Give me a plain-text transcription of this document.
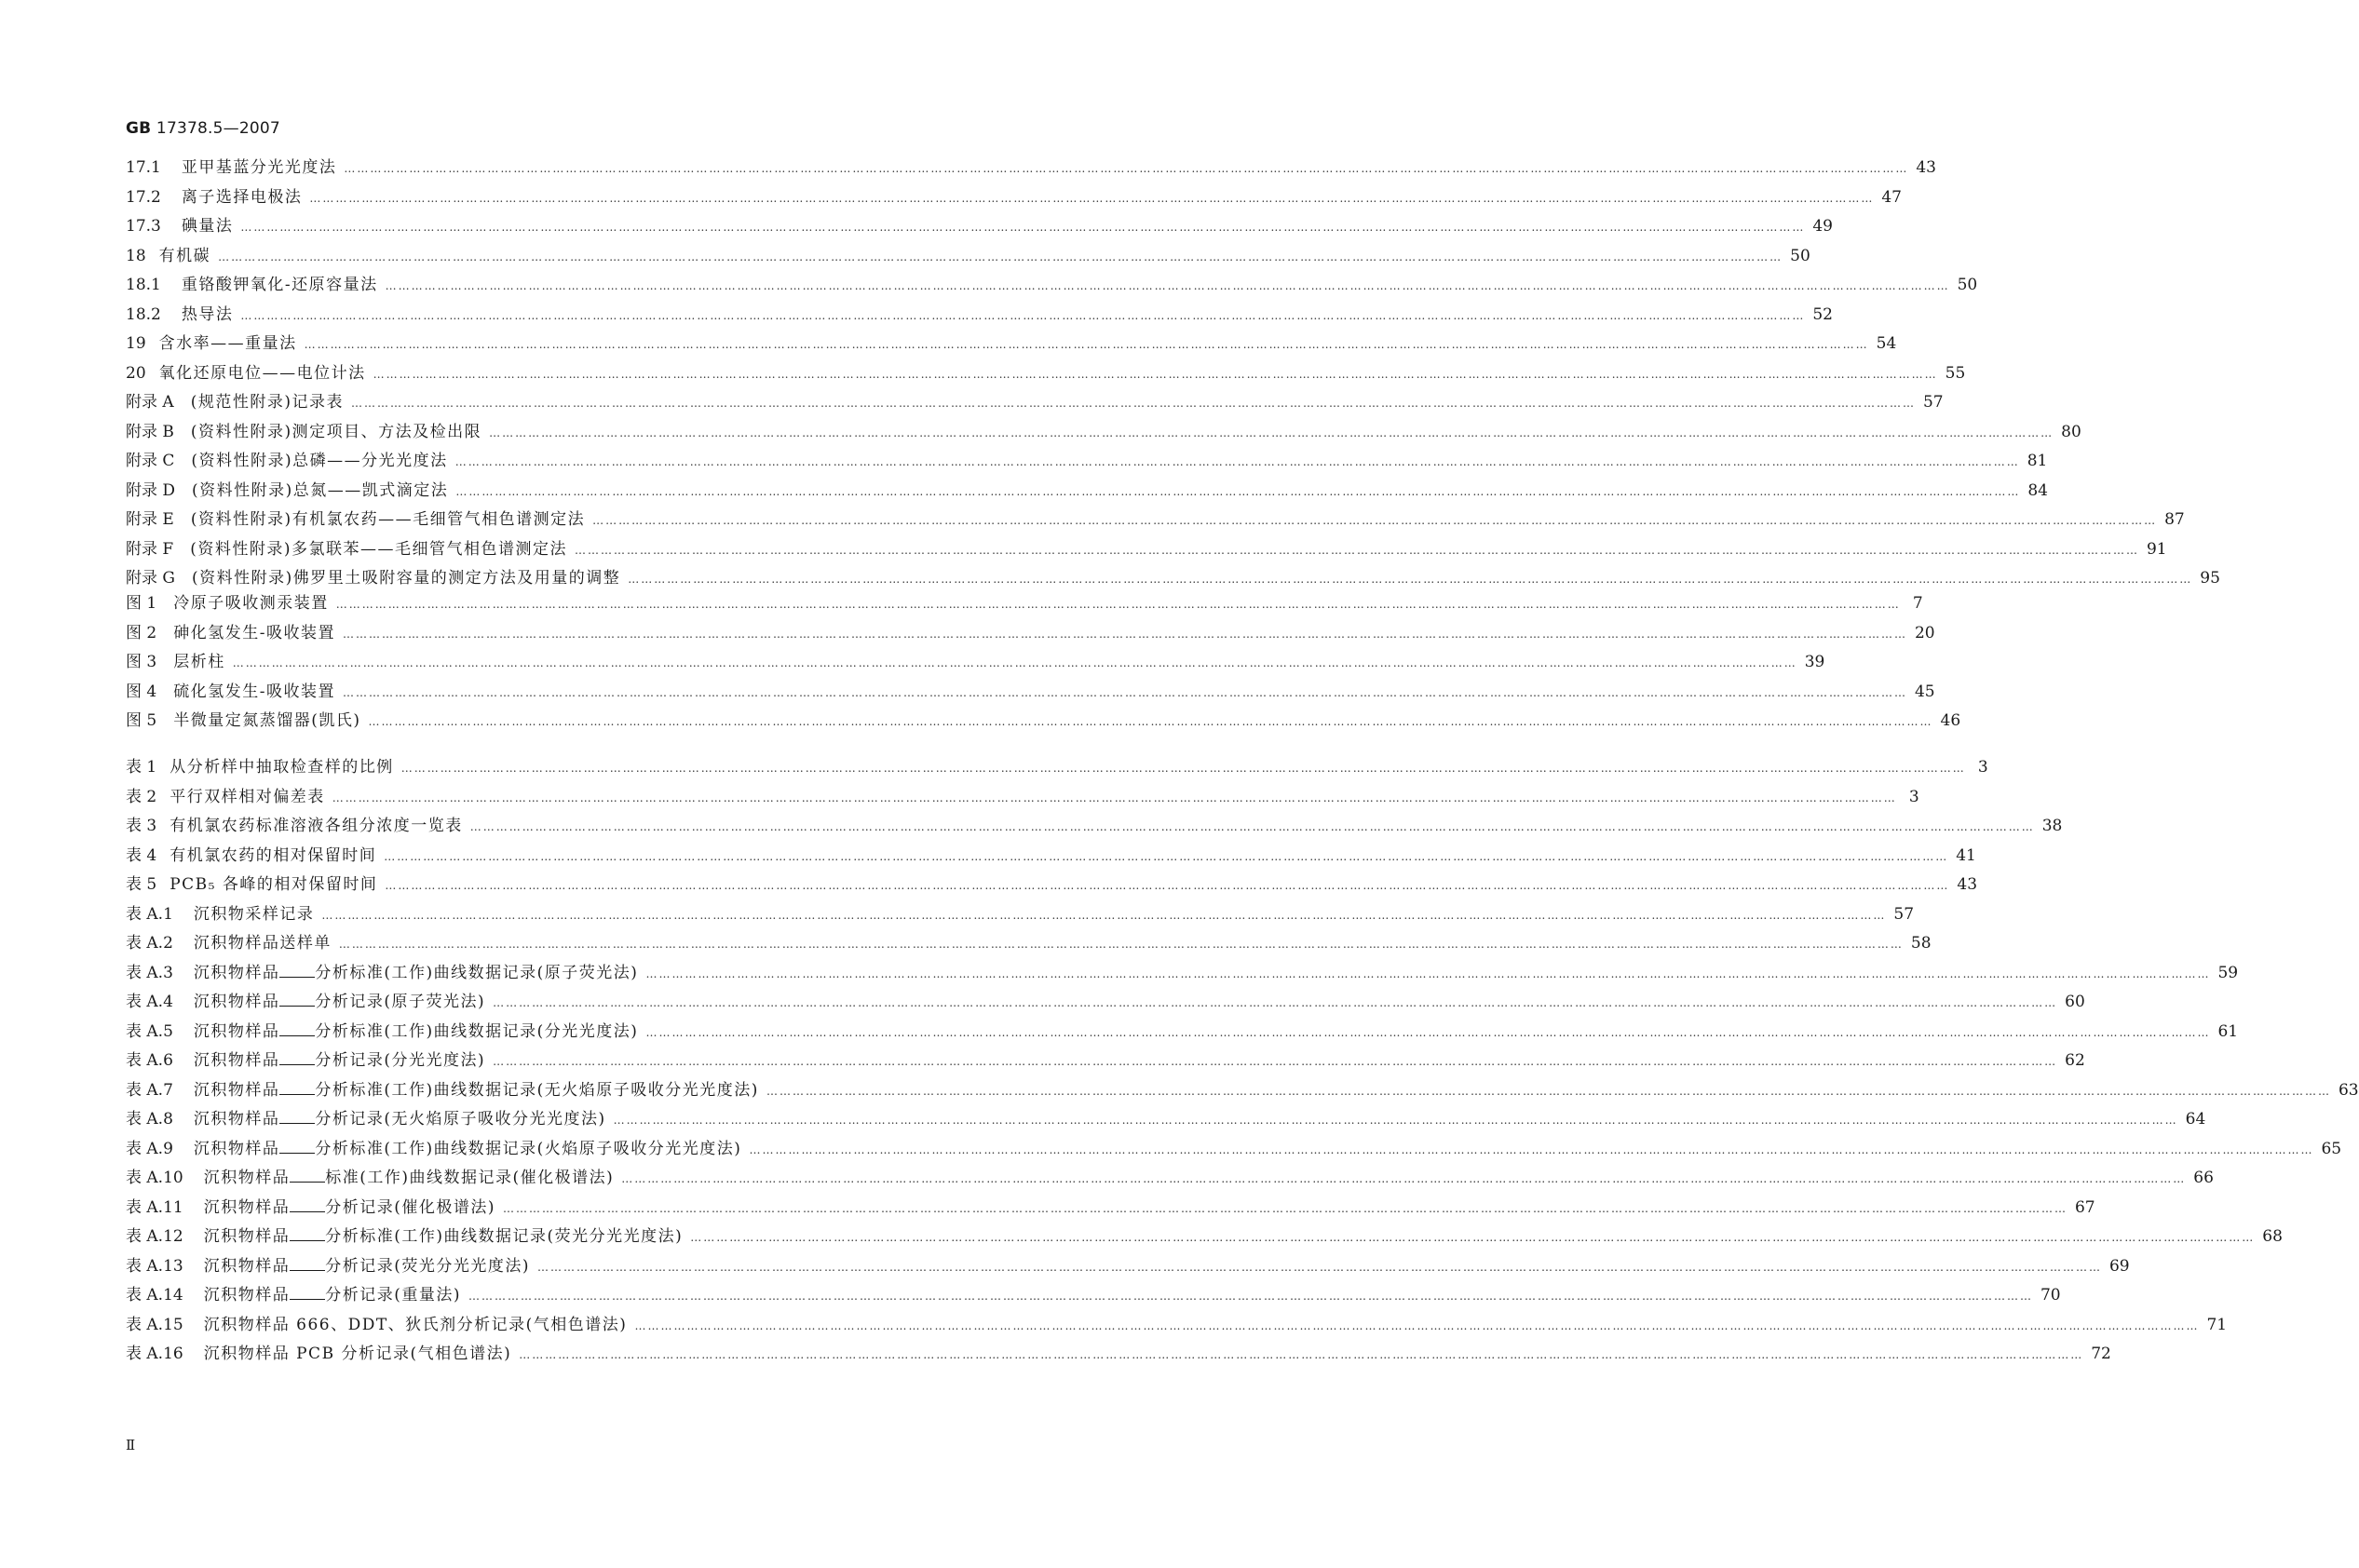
GB 17378.5—2007
17.1 亚甲基蓝分光光度法 ……………………………………………………………………………………………………………………………………………………………………………………………………………………………………………………………………………………………………………………………… 43
17.2 离子选择电极法 ……………………………………………………………………………………………………………………………………………………………………………………………………………………………………………………………………………………………………………………………… 47
17.3 碘量法 ……………………………………………………………………………………………………………………………………………………………………………………………………………………………………………………………………………………………………………………………… 49
18 有机碳 ……………………………………………………………………………………………………………………………………………………………………………………………………………………………………………………………………………………………………………………………… 50
18.1 重铬酸钾氧化-还原容量法 ……………………………………………………………………………………………………………………………………………………………………………………………………………………………………………………………………………………………………………………………… 50
18.2 热导法 ……………………………………………………………………………………………………………………………………………………………………………………………………………………………………………………………………………………………………………………………… 52
19 含水率——重量法 ……………………………………………………………………………………………………………………………………………………………………………………………………………………………………………………………………………………………………………………………… 54
20 氧化还原电位——电位计法 ……………………………………………………………………………………………………………………………………………………………………………………………………………………………………………………………………………………………………………………………… 55
附录 A (规范性附录)记录表 ……………………………………………………………………………………………………………………………………………………………………………………………………………………………………………………………………………………………………………………………… 57
附录 B (资料性附录)测定项目、方法及检出限 ……………………………………………………………………………………………………………………………………………………………………………………………………………………………………………………………………………………………………………………………… 80
附录 C (资料性附录)总磷——分光光度法 ……………………………………………………………………………………………………………………………………………………………………………………………………………………………………………………………………………………………………………………………… 81
附录 D (资料性附录)总氮——凯式滴定法 ……………………………………………………………………………………………………………………………………………………………………………………………………………………………………………………………………………………………………………………………… 84
附录 E (资料性附录)有机氯农药——毛细管气相色谱测定法 ……………………………………………………………………………………………………………………………………………………………………………………………………………………………………………………………………………………………………………………………… 87
附录 F (资料性附录)多氯联苯——毛细管气相色谱测定法 ……………………………………………………………………………………………………………………………………………………………………………………………………………………………………………………………………………………………………………………………… 91
附录 G (资料性附录)佛罗里土吸附容量的测定方法及用量的调整 ……………………………………………………………………………………………………………………………………………………………………………………………………………………………………………………………………………………………………………………………… 95
图 1 冷原子吸收测汞装置 ……………………………………………………………………………………………………………………………………………………………………………………………………………………………………………………………………………………………………………………………… 7
图 2 砷化氢发生-吸收装置 ……………………………………………………………………………………………………………………………………………………………………………………………………………………………………………………………………………………………………………………………… 20
图 3 层析柱 ……………………………………………………………………………………………………………………………………………………………………………………………………………………………………………………………………………………………………………………………… 39
图 4 硫化氢发生-吸收装置 ……………………………………………………………………………………………………………………………………………………………………………………………………………………………………………………………………………………………………………………………… 45
图 5 半微量定氮蒸馏器(凯氏) ……………………………………………………………………………………………………………………………………………………………………………………………………………………………………………………………………………………………………………………………… 46
表 1 从分析样中抽取检查样的比例 ……………………………………………………………………………………………………………………………………………………………………………………………………………………………………………………………………………………………………………………………… 3
表 2 平行双样相对偏差表 ……………………………………………………………………………………………………………………………………………………………………………………………………………………………………………………………………………………………………………………………… 3
表 3 有机氯农药标准溶液各组分浓度一览表 ……………………………………………………………………………………………………………………………………………………………………………………………………………………………………………………………………………………………………………………………… 38
表 4 有机氯农药的相对保留时间 ……………………………………………………………………………………………………………………………………………………………………………………………………………………………………………………………………………………………………………………………… 41
表 5 PCB₅ 各峰的相对保留时间 ……………………………………………………………………………………………………………………………………………………………………………………………………………………………………………………………………………………………………………………………… 43
表 A.1 沉积物采样记录 ……………………………………………………………………………………………………………………………………………………………………………………………………………………………………………………………………………………………………………………………… 57
表 A.2 沉积物样品送样单 ……………………………………………………………………………………………………………………………………………………………………………………………………………………………………………………………………………………………………………………………… 58
表 A.3 沉积物样品 分析标准(工作)曲线数据记录(原子荧光法) ……………………………………………………………………………………………………………………………………………………………………………………………………………………………………………………………………………………………………………………………… 59
表 A.4 沉积物样品 分析记录(原子荧光法) ……………………………………………………………………………………………………………………………………………………………………………………………………………………………………………………………………………………………………………………………… 60
表 A.5 沉积物样品 分析标准(工作)曲线数据记录(分光光度法) ……………………………………………………………………………………………………………………………………………………………………………………………………………………………………………………………………………………………………………………………… 61
表 A.6 沉积物样品 分析记录(分光光度法) ……………………………………………………………………………………………………………………………………………………………………………………………………………………………………………………………………………………………………………………………… 62
表 A.7 沉积物样品 分析标准(工作)曲线数据记录(无火焰原子吸收分光光度法) ……………………………………………………………………………………………………………………………………………………………………………………………………………………………………………………………………………………………………………………………… 63
表 A.8 沉积物样品 分析记录(无火焰原子吸收分光光度法) ……………………………………………………………………………………………………………………………………………………………………………………………………………………………………………………………………………………………………………………………… 64
表 A.9 沉积物样品 分析标准(工作)曲线数据记录(火焰原子吸收分光光度法) ……………………………………………………………………………………………………………………………………………………………………………………………………………………………………………………………………………………………………………………………… 65
表 A.10 沉积物样品 标准(工作)曲线数据记录(催化极谱法) ……………………………………………………………………………………………………………………………………………………………………………………………………………………………………………………………………………………………………………………………… 66
表 A.11 沉积物样品 分析记录(催化极谱法) ……………………………………………………………………………………………………………………………………………………………………………………………………………………………………………………………………………………………………………………………… 67
表 A.12 沉积物样品 分析标准(工作)曲线数据记录(荧光分光光度法) ……………………………………………………………………………………………………………………………………………………………………………………………………………………………………………………………………………………………………………………………… 68
表 A.13 沉积物样品 分析记录(荧光分光光度法) ……………………………………………………………………………………………………………………………………………………………………………………………………………………………………………………………………………………………………………………………… 69
表 A.14 沉积物样品 分析记录(重量法) ……………………………………………………………………………………………………………………………………………………………………………………………………………………………………………………………………………………………………………………………… 70
表 A.15 沉积物样品 666、DDT、狄氏剂分析记录(气相色谱法) ……………………………………………………………………………………………………………………………………………………………………………………………………………………………………………………………………………………………………………………………… 71
表 A.16 沉积物样品 PCB 分析记录(气相色谱法) ……………………………………………………………………………………………………………………………………………………………………………………………………………………………………………………………………………………………………………………………… 72
Ⅱ
